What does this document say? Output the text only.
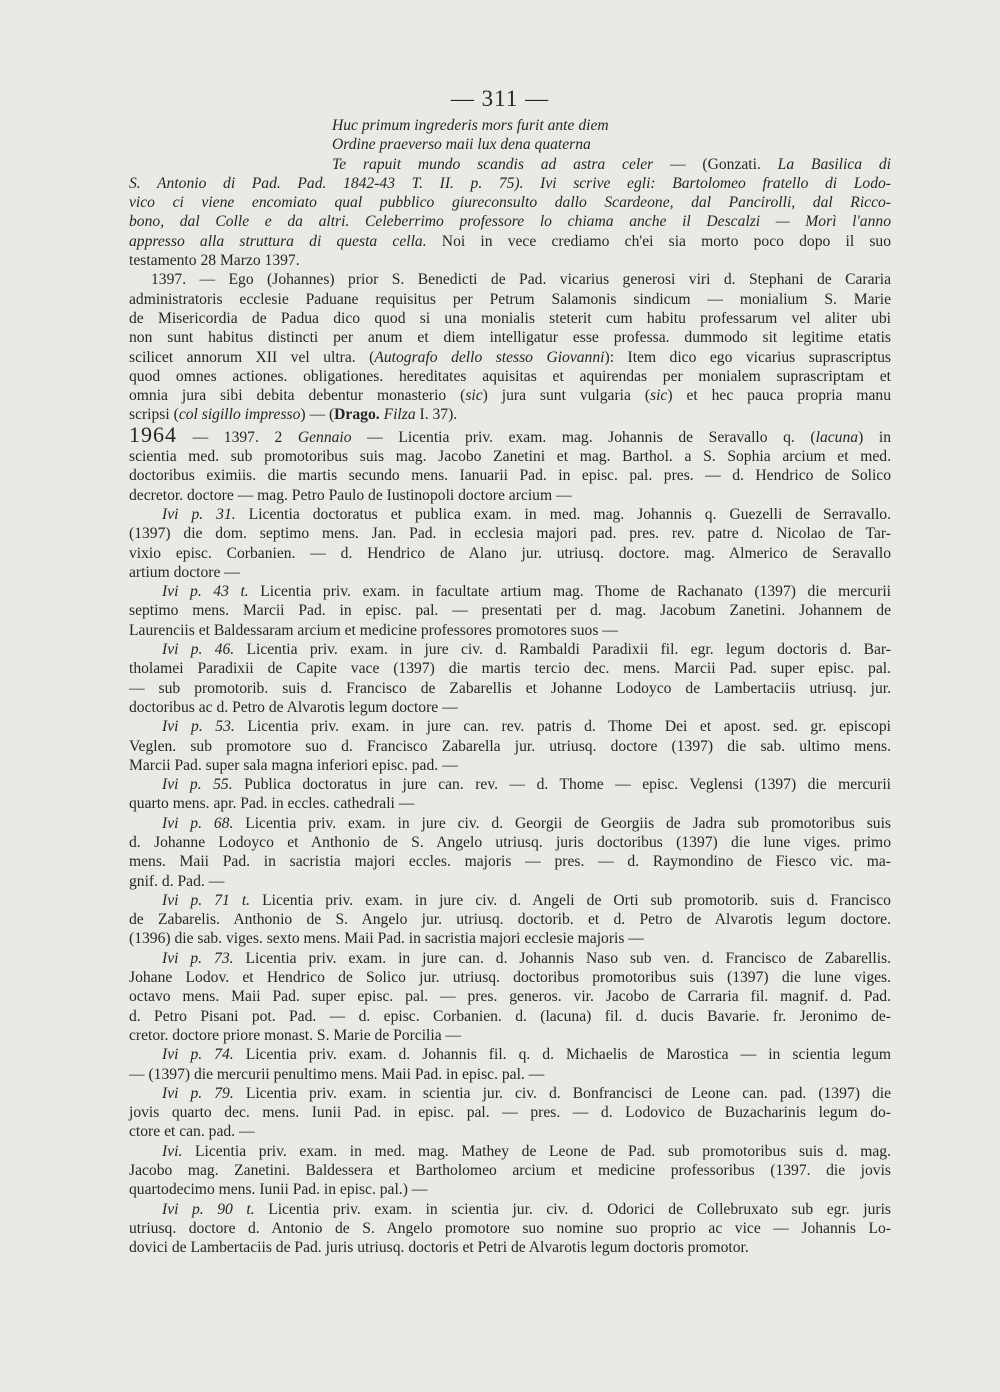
— 311 —
Huc primum ingrederis mors furit ante diem
Ordine praeverso maii lux dena quaterna
Te rapuit mundo scandis ad astra celer — (Gonzati. La Basilica di
S. Antonio di Pad. Pad. 1842-43 T. II. p. 75). Ivi scrive egli: Bartolomeo fratello di Lodo-
vico ci viene encomiato qual pubblico giureconsulto dallo Scardeone, dal Pancirolli, dal Ricco-
bono, dal Colle e da altri. Celeberrimo professore lo chiama anche il Descalzi — Morì l'anno
appresso alla struttura di questa cella. Noi in vece crediamo ch'ei sia morto poco dopo il suo
testamento 28 Marzo 1397.
1397. — Ego (Johannes) prior S. Benedicti de Pad. vicarius generosi viri d. Stephani de Cararia
administratoris ecclesie Paduane requisitus per Petrum Salamonis sindicum — monialium S. Marie
de Misericordia de Padua dico quod si una monialis steterit cum habitu professarum vel aliter ubi
non sunt habitus distincti per anum et diem intelligatur esse professa. dummodo sit legitime etatis
scilicet annorum XII vel ultra. (Autografo dello stesso Giovanni): Item dico ego vicarius suprascriptus
quod omnes actiones. obligationes. hereditates aquisitas et aquirendas per monialem suprascriptam et
omnia jura sibi debita debentur monasterio (sic) jura sunt vulgaria (sic) et hec pauca propria manu
scripsi (col sigillo impresso) — (Drago. Filza I. 37).
1964 — 1397. 2 Gennaio — Licentia priv. exam. mag. Johannis de Seravallo q. (lacuna) in
scientia med. sub promotoribus suis mag. Jacobo Zanetini et mag. Barthol. a S. Sophia arcium et med.
doctoribus eximiis. die martis secundo mens. Ianuarii Pad. in episc. pal. pres. — d. Hendrico de Solico
decretor. doctore — mag. Petro Paulo de Iustinopoli doctore arcium —
Ivi p. 31. Licentia doctoratus et publica exam. in med. mag. Johannis q. Guezelli de Serravallo.
(1397) die dom. septimo mens. Jan. Pad. in ecclesia majori pad. pres. rev. patre d. Nicolao de Tar-
vixio episc. Corbanien. — d. Hendrico de Alano jur. utriusq. doctore. mag. Almerico de Seravallo
artium doctore —
Ivi p. 43 t. Licentia priv. exam. in facultate artium mag. Thome de Rachanato (1397) die mercurii
septimo mens. Marcii Pad. in episc. pal. — presentati per d. mag. Jacobum Zanetini. Johannem de
Laurenciis et Baldessaram arcium et medicine professores promotores suos —
Ivi p. 46. Licentia priv. exam. in jure civ. d. Rambaldi Paradixii fil. egr. legum doctoris d. Bar-
tholamei Paradixii de Capite vace (1397) die martis tercio dec. mens. Marcii Pad. super episc. pal.
— sub promotorib. suis d. Francisco de Zabarellis et Johanne Lodoyco de Lambertaciis utriusq. jur.
doctoribus ac d. Petro de Alvarotis legum doctore —
Ivi p. 53. Licentia priv. exam. in jure can. rev. patris d. Thome Dei et apost. sed. gr. episcopi
Veglen. sub promotore suo d. Francisco Zabarella jur. utriusq. doctore (1397) die sab. ultimo mens.
Marcii Pad. super sala magna inferiori episc. pad. —
Ivi p. 55. Publica doctoratus in jure can. rev. — d. Thome — episc. Veglensi (1397) die mercurii
quarto mens. apr. Pad. in eccles. cathedrali —
Ivi p. 68. Licentia priv. exam. in jure civ. d. Georgii de Georgiis de Jadra sub promotoribus suis
d. Johanne Lodoyco et Anthonio de S. Angelo utriusq. juris doctoribus (1397) die lune viges. primo
mens. Maii Pad. in sacristia majori eccles. majoris — pres. — d. Raymondino de Fiesco vic. ma-
gnif. d. Pad. —
Ivi p. 71 t. Licentia priv. exam. in jure civ. d. Angeli de Orti sub promotorib. suis d. Francisco
de Zabarelis. Anthonio de S. Angelo jur. utriusq. doctorib. et d. Petro de Alvarotis legum doctore.
(1396) die sab. viges. sexto mens. Maii Pad. in sacristia majori ecclesie majoris —
Ivi p. 73. Licentia priv. exam. in jure can. d. Johannis Naso sub ven. d. Francisco de Zabarellis.
Johane Lodov. et Hendrico de Solico jur. utriusq. doctoribus promotoribus suis (1397) die lune viges.
octavo mens. Maii Pad. super episc. pal. — pres. generos. vir. Jacobo de Carraria fil. magnif. d. Pad.
d. Petro Pisani pot. Pad. — d. episc. Corbanien. d. (lacuna) fil. d. ducis Bavarie. fr. Jeronimo de-
cretor. doctore priore monast. S. Marie de Porcilia —
Ivi p. 74. Licentia priv. exam. d. Johannis fil. q. d. Michaelis de Marostica — in scientia legum
— (1397) die mercurii penultimo mens. Maii Pad. in episc. pal. —
Ivi p. 79. Licentia priv. exam. in scientia jur. civ. d. Bonfrancisci de Leone can. pad. (1397) die
jovis quarto dec. mens. Iunii Pad. in episc. pal. — pres. — d. Lodovico de Buzacharinis legum do-
ctore et can. pad. —
Ivi. Licentia priv. exam. in med. mag. Mathey de Leone de Pad. sub promotoribus suis d. mag.
Jacobo mag. Zanetini. Baldessera et Bartholomeo arcium et medicine professoribus (1397. die jovis
quartodecimo mens. Iunii Pad. in episc. pal.) —
Ivi p. 90 t. Licentia priv. exam. in scientia jur. civ. d. Odorici de Collebruxato sub egr. juris
utriusq. doctore d. Antonio de S. Angelo promotore suo nomine suo proprio ac vice — Johannis Lo-
dovici de Lambertaciis de Pad. juris utriusq. doctoris et Petri de Alvarotis legum doctoris promotor.
